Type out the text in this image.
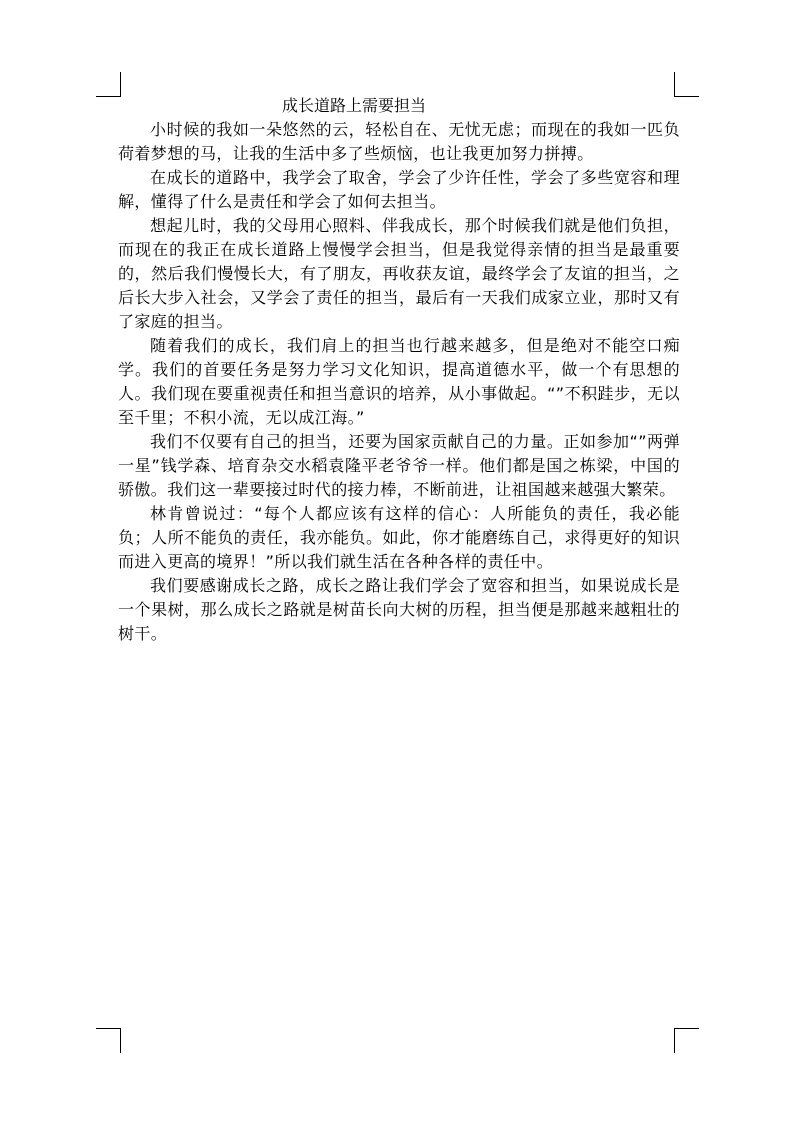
成长道路上需要担当

小时候的我如一朵悠然的云，轻松自在、无忧无虑；而现在的我如一匹负荷着梦想的马，让我的生活中多了些烦恼，也让我更加努力拼搏。

在成长的道路中，我学会了取舍，学会了少许任性，学会了多些宽容和理解，懂得了什么是责任和学会了如何去担当。

想起儿时，我的父母用心照料、伴我成长，那个时候我们就是他们负担，而现在的我正在成长道路上慢慢学会担当，但是我觉得亲情的担当是最重要的，然后我们慢慢长大，有了朋友，再收获友谊，最终学会了友谊的担当，之后长大步入社会，又学会了责任的担当，最后有一天我们成家立业，那时又有了家庭的担当。

随着我们的成长，我们肩上的担当也行越来越多，但是绝对不能空口痴学。我们的首要任务是努力学习文化知识，提高道德水平，做一个有思想的人。我们现在要重视责任和担当意识的培养，从小事做起。“”不积跬步，无以至千里；不积小流，无以成江海。”

我们不仅要有自己的担当，还要为国家贡献自己的力量。正如参加“”两弹一星”钱学森、培育杂交水稻袁隆平老爷爷一样。他们都是国之栋梁，中国的骄傲。我们这一辈要接过时代的接力棒，不断前进，让祖国越来越强大繁荣。

林肯曾说过：“每个人都应该有这样的信心：人所能负的责任，我必能负；人所不能负的责任，我亦能负。如此，你才能磨练自己，求得更好的知识而进入更高的境界！”所以我们就生活在各种各样的责任中。

我们要感谢成长之路，成长之路让我们学会了宽容和担当，如果说成长是一个果树，那么成长之路就是树苗长向大树的历程，担当便是那越来越粗壮的树干。
